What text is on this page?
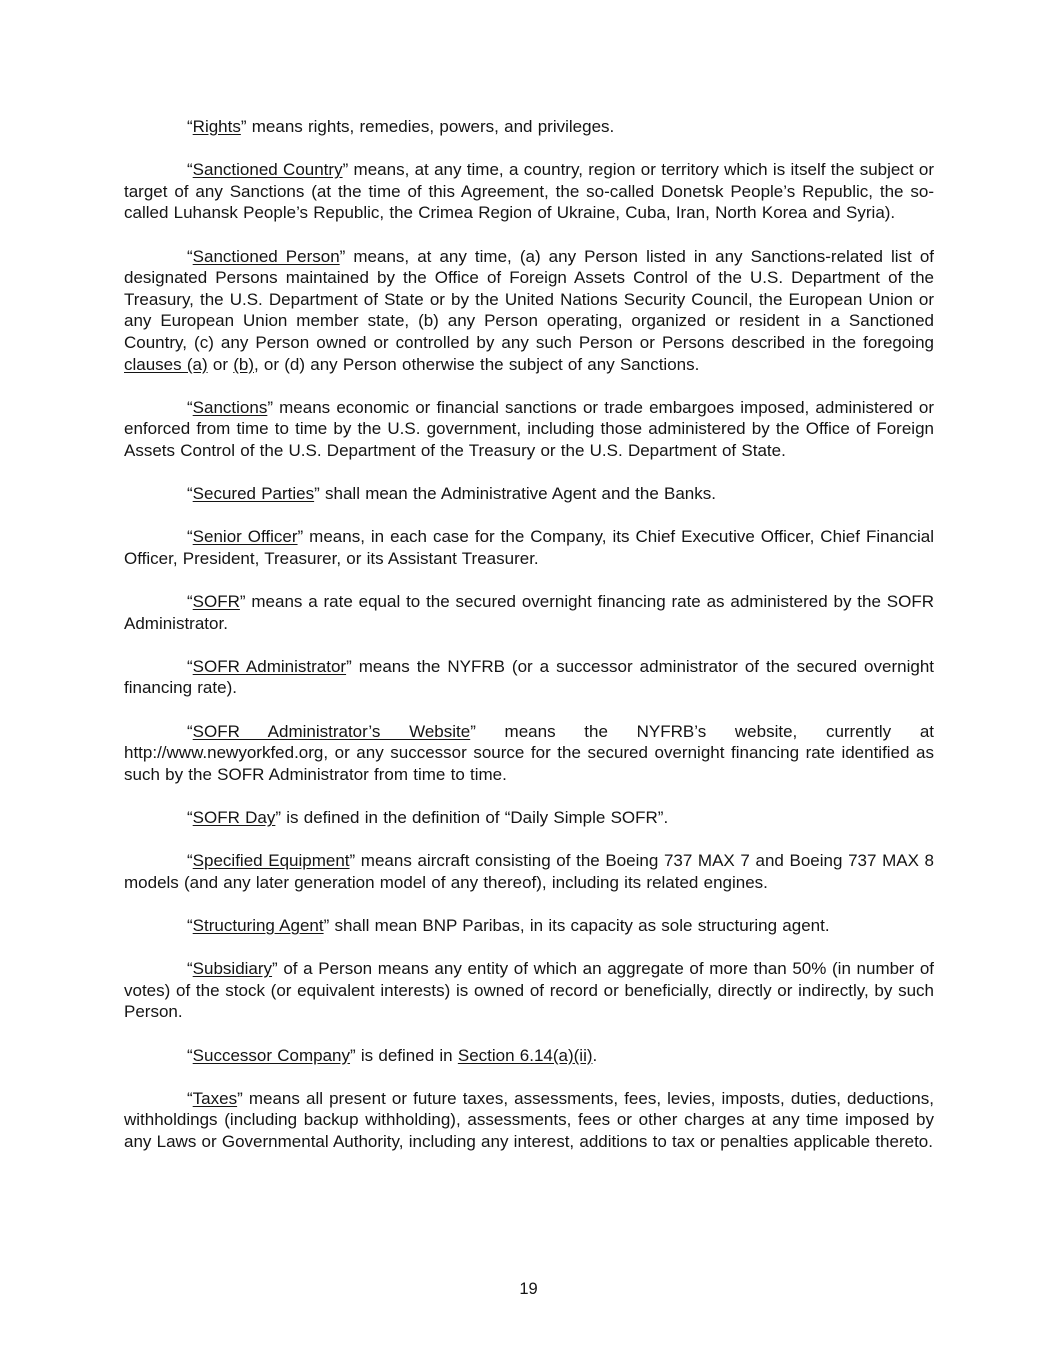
“Rights” means rights, remedies, powers, and privileges.

“Sanctioned Country” means, at any time, a country, region or territory which is itself the subject or target of any Sanctions (at the time of this Agreement, the so-called Donetsk People’s Republic, the so-called Luhansk People’s Republic, the Crimea Region of Ukraine, Cuba, Iran, North Korea and Syria).

“Sanctioned Person” means, at any time, (a) any Person listed in any Sanctions-related list of designated Persons maintained by the Office of Foreign Assets Control of the U.S. Department of the Treasury, the U.S. Department of State or by the United Nations Security Council, the European Union or any European Union member state, (b) any Person operating, organized or resident in a Sanctioned Country, (c) any Person owned or controlled by any such Person or Persons described in the foregoing clauses (a) or (b), or (d) any Person otherwise the subject of any Sanctions.

“Sanctions” means economic or financial sanctions or trade embargoes imposed, administered or enforced from time to time by the U.S. government, including those administered by the Office of Foreign Assets Control of the U.S. Department of the Treasury or the U.S. Department of State.

“Secured Parties” shall mean the Administrative Agent and the Banks.

“Senior Officer” means, in each case for the Company, its Chief Executive Officer, Chief Financial Officer, President, Treasurer, or its Assistant Treasurer.

“SOFR” means a rate equal to the secured overnight financing rate as administered by the SOFR Administrator.

“SOFR Administrator” means the NYFRB (or a successor administrator of the secured overnight financing rate).

“SOFR Administrator’s Website” means the NYFRB’s website, currently at http://www.newyorkfed.org, or any successor source for the secured overnight financing rate identified as such by the SOFR Administrator from time to time.

“SOFR Day” is defined in the definition of “Daily Simple SOFR”.

“Specified Equipment” means aircraft consisting of the Boeing 737 MAX 7 and Boeing 737 MAX 8 models (and any later generation model of any thereof), including its related engines.

“Structuring Agent” shall mean BNP Paribas, in its capacity as sole structuring agent.

“Subsidiary” of a Person means any entity of which an aggregate of more than 50% (in number of votes) of the stock (or equivalent interests) is owned of record or beneficially, directly or indirectly, by such Person.

“Successor Company” is defined in Section 6.14(a)(ii).

“Taxes” means all present or future taxes, assessments, fees, levies, imposts, duties, deductions, withholdings (including backup withholding), assessments, fees or other charges at any time imposed by any Laws or Governmental Authority, including any interest, additions to tax or penalties applicable thereto.

19
